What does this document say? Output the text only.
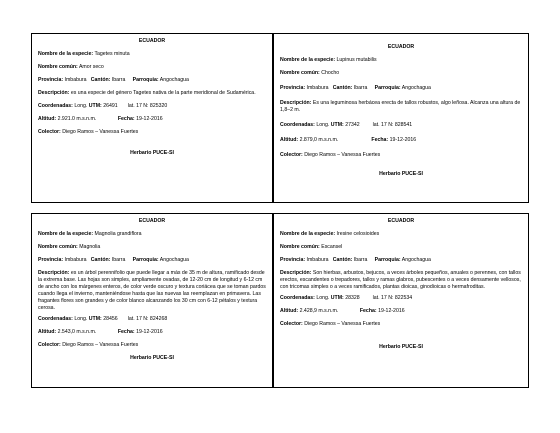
ECUADOR
Nombre de la especie: Tagetes minuta
Nombre común: Amor seco
Provincia: Imbabura Cantón: Ibarra Parroquia: Angochagua
Descripción: es una especie del género Tagetes nativa de la parte meridional de Sudamérica.
Coordenadas: Long. UTM: 26491 lat. 17 N: 825320
Altitud: 2.921.0 m.s.n.m.	Fecha: 19-12-2016
Colector: Diego Ramos – Vanessa Fuertes
Herbario PUCE-SI
ECUADOR
Nombre de la especie: Lupinus mutabilis
Nombre común: Chocho
Provincia: Imbabura Cantón: Ibarra Parroquia: Angochagua
Descripción: Es una leguminosa herbácea erecta de tallos robustos, algo leñosa. Alcanza una altura de 1,8–2 m.
Coordenadas: Long. UTM: 27342 lat. 17 N: 828541
Altitud: 2.879,0 m.s.n.m.	Fecha: 19-12-2016
Colector: Diego Ramos – Vanessa Fuertes
Herbario PUCE-SI
ECUADOR
Nombre de la especie: Magnolia grandiflora
Nombre común: Magnolia
Provincia: Imbabura Cantón: Ibarra Parroquia: Angochagua
Descripción: es un árbol perennifolio que puede llegar a más de 35 m de altura, ramificado desde la extrema base. Las hojas son simples, ampliamente ovadas, de 12-20 cm de longitud y 6-12 cm de ancho con los márgenes enteros, de color verde oscuro y textura coriácea que se toman pardos cuando llega el invierno, manteniéndose hasta que las nuevas las reemplazan en primavera. Las fragantes flores son grandes y de color blanco alcanzando los 30 cm con 6-12 pétalos y textura cerosa.
Coordenadas: Long. UTM: 28456 lat. 17 N: 824268
Altitud: 2.543,0 m.s.n.m.	Fecha: 19-12-2016
Colector: Diego Ramos – Vanessa Fuertes
Herbario PUCE-SI
ECUADOR
Nombre de la especie: Iresine celosioides
Nombre común: Escansel
Provincia: Imbabura Cantón: Ibarra Parroquia: Angochagua
Descripción: Son hierbas, arbustos, bejucos, a veces árboles pequeños, anuales o perennes, con tallos erectos, escandentes o trepadores, tallos y ramas glabros, pubescentes o a veces densamente vellosos, con tricomas simples o a veces ramificados, plantas dioicas, ginodioicas o hermafroditas.
Coordenadas: Long. UTM: 28328 lat. 17 N: 822534
Altitud: 2.428,9 m.s.n.m.	Fecha: 19-12-2016
Colector: Diego Ramos – Vanessa Fuertes
Herbario PUCE-SI
